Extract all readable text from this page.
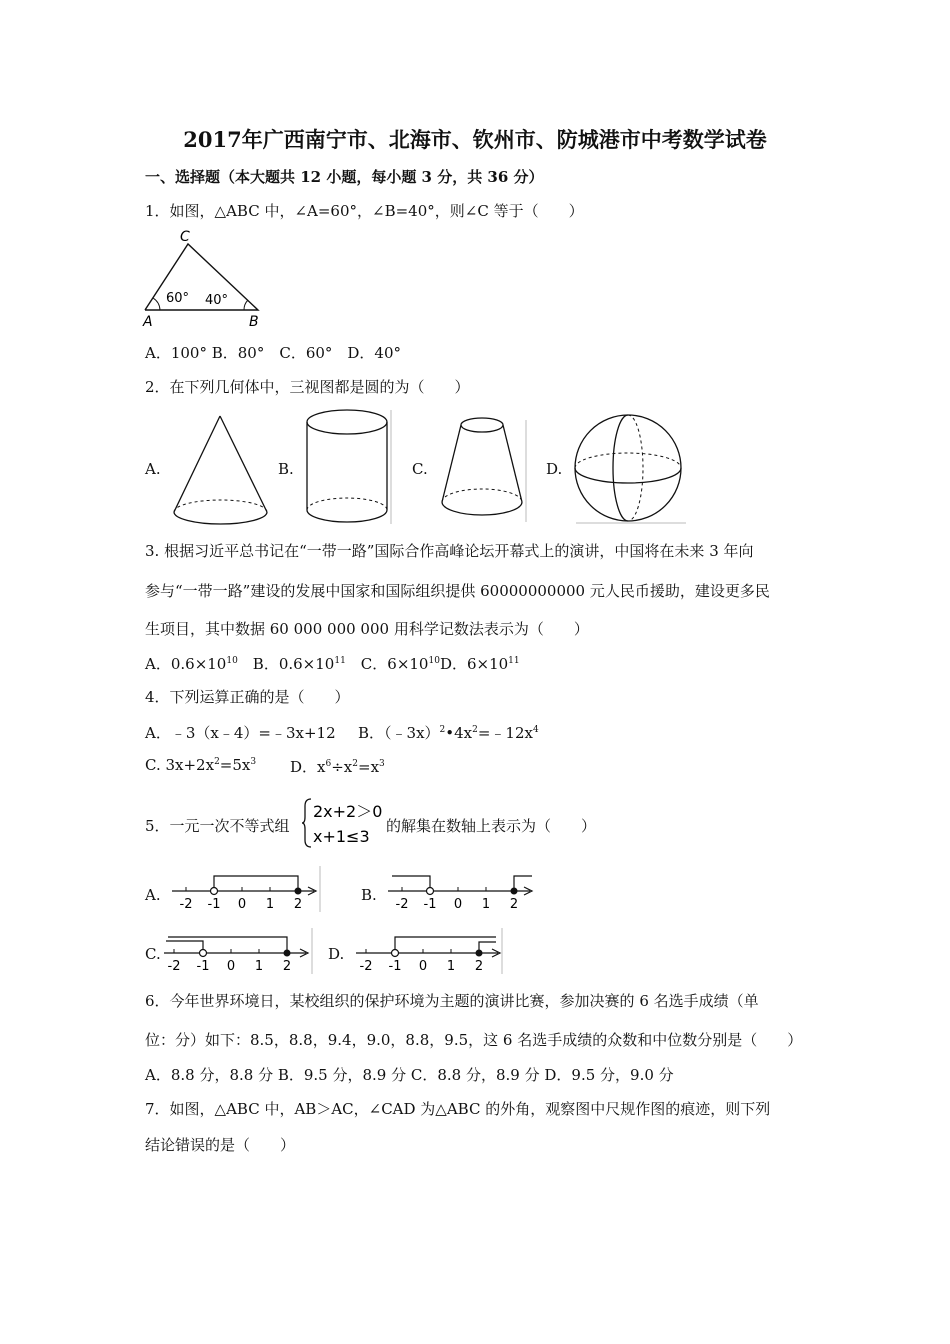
2017年广西南宁市、北海市、钦州市、防城港市中考数学试卷
一、选择题（本大题共 12 小题，每小题 3 分，共 36 分）
1．如图，△ABC 中，∠A=60°，∠B=40°，则∠C 等于（　　）
C
A	B
60° 40°
A．100° B．80°　C．60°　D．40°
2．在下列几何体中，三视图都是圆的为（　　）
A.	B.	C.	D.
3. 根据习近平总书记在“一带一路”国际合作高峰论坛开幕式上的演讲，中国将在未来 3 年向
参与“一带一路”建设的发展中国家和国际组织提供 60000000000 元人民币援助，建设更多民
生项目，其中数据 60 000 000 000 用科学记数法表示为（　　）
A．$0.6\times 10^{10}$　B．$0.6\times 10^{11}$　C．$6\times 10^{10}D$．$6\times 10^{11}$
4．下列运算正确的是（　　）
A．﹣3（x﹣4）=﹣3x+12 B．$(﹣3x)^2•4x^2=﹣12x^4$
C. $3x+2x^2=5x^3$ D．$x^6\div x^2=x^3$
5．一元一次不等式组
2x+2＞0
x+1≤3
的解集在数轴上表示为（　　）
A.	B.
C.	D.
-2 -1 0 1 2	-2 -1 0 1 2
-2 -1 0 1 2	-2 -1 0 1 2
6．今年世界环境日，某校组织的保护环境为主题的演讲比赛，参加决赛的 6 名选手成绩（单
位：分）如下：8.5，8.8，9.4，9.0，8.8，9.5，这 6 名选手成绩的众数和中位数分别是（　　）
A．8.8 分，8.8 分 B．9.5 分，8.9 分 C．8.8 分，8.9 分 D．9.5 分，9.0 分
7．如图，△ABC 中，AB＞AC，∠CAD 为△ABC 的外角，观察图中尺规作图的痕迹，则下列
结论错误的是（　　）
